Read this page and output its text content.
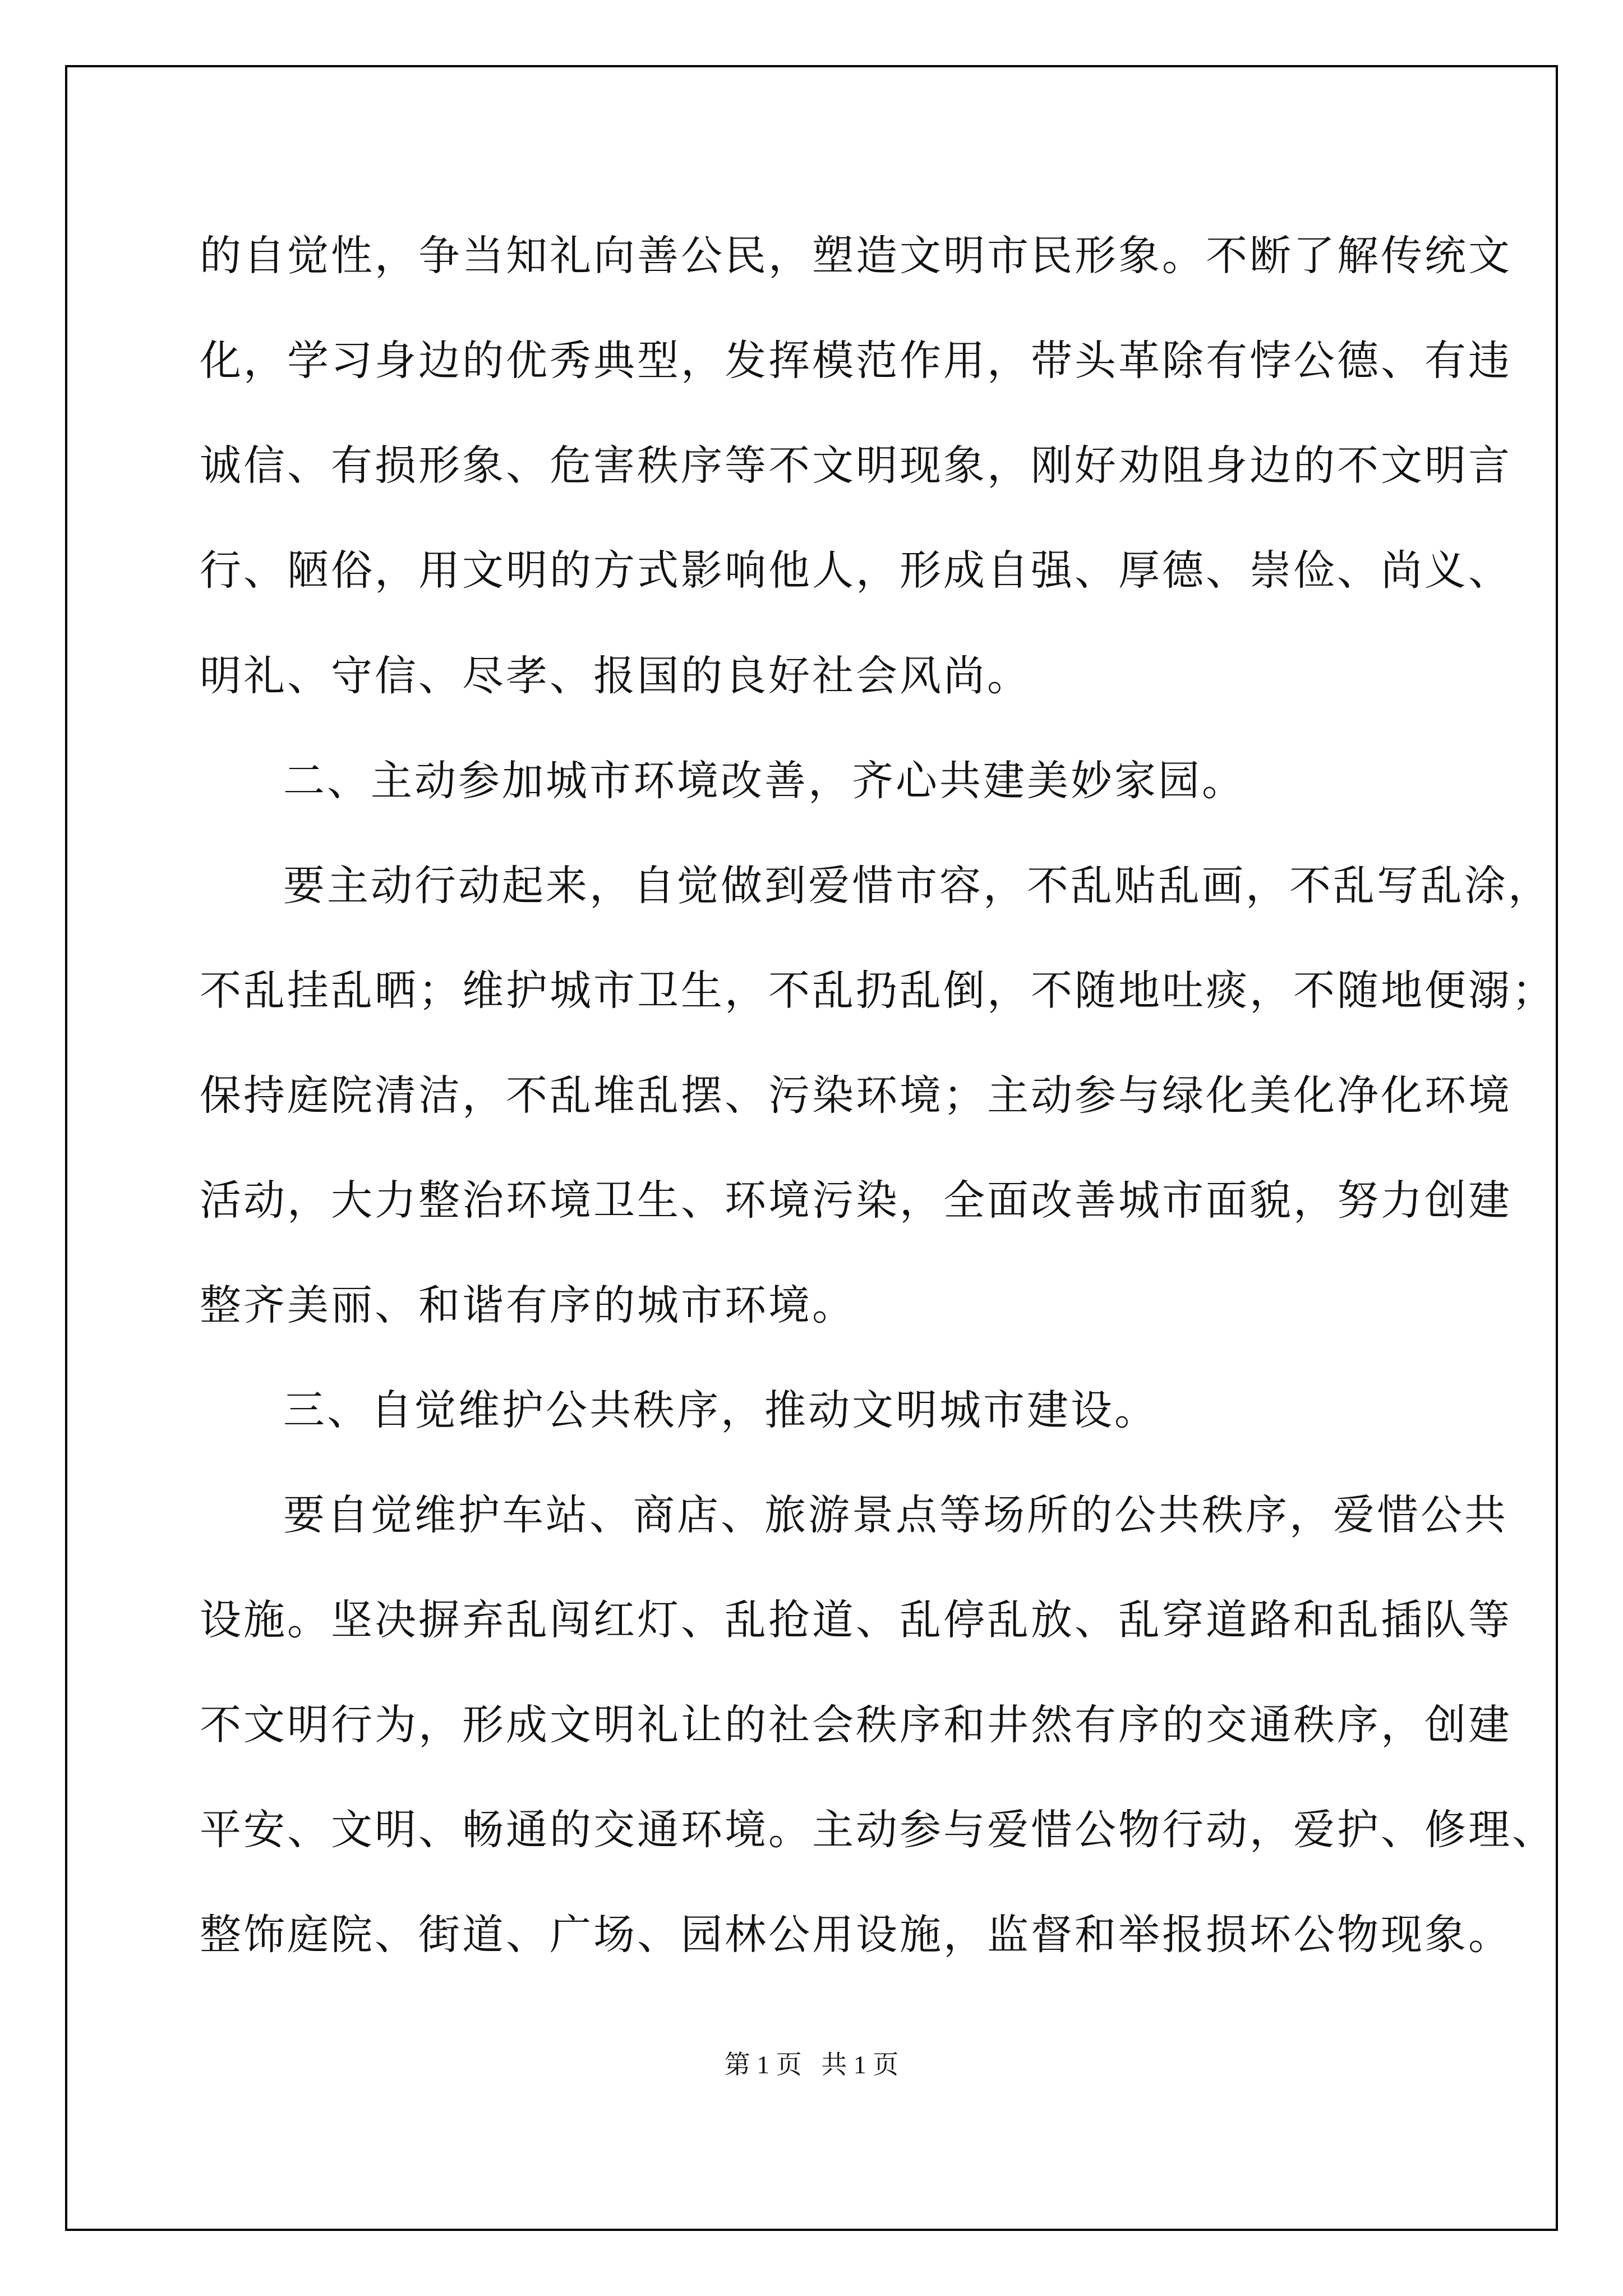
的自觉性，争当知礼向善公民，塑造文明市民形象。不断了解传统文
化，学习身边的优秀典型，发挥模范作用，带头革除有悖公德、有违
诚信、有损形象、危害秩序等不文明现象，刚好劝阻身边的不文明言
行、陋俗，用文明的方式影响他人，形成自强、厚德、崇俭、尚义、
明礼、守信、尽孝、报国的良好社会风尚。
二、主动参加城市环境改善，齐心共建美妙家园。
要主动行动起来，自觉做到爱惜市容，不乱贴乱画，不乱写乱涂，
不乱挂乱晒；维护城市卫生，不乱扔乱倒，不随地吐痰，不随地便溺；
保持庭院清洁，不乱堆乱摆、污染环境；主动参与绿化美化净化环境
活动，大力整治环境卫生、环境污染，全面改善城市面貌，努力创建
整齐美丽、和谐有序的城市环境。
三、自觉维护公共秩序，推动文明城市建设。
要自觉维护车站、商店、旅游景点等场所的公共秩序，爱惜公共
设施。坚决摒弃乱闯红灯、乱抢道、乱停乱放、乱穿道路和乱插队等
不文明行为，形成文明礼让的社会秩序和井然有序的交通秩序，创建
平安、文明、畅通的交通环境。主动参与爱惜公物行动，爱护、修理、
整饰庭院、街道、广场、园林公用设施，监督和举报损坏公物现象。
第 1 页   共 1 页
